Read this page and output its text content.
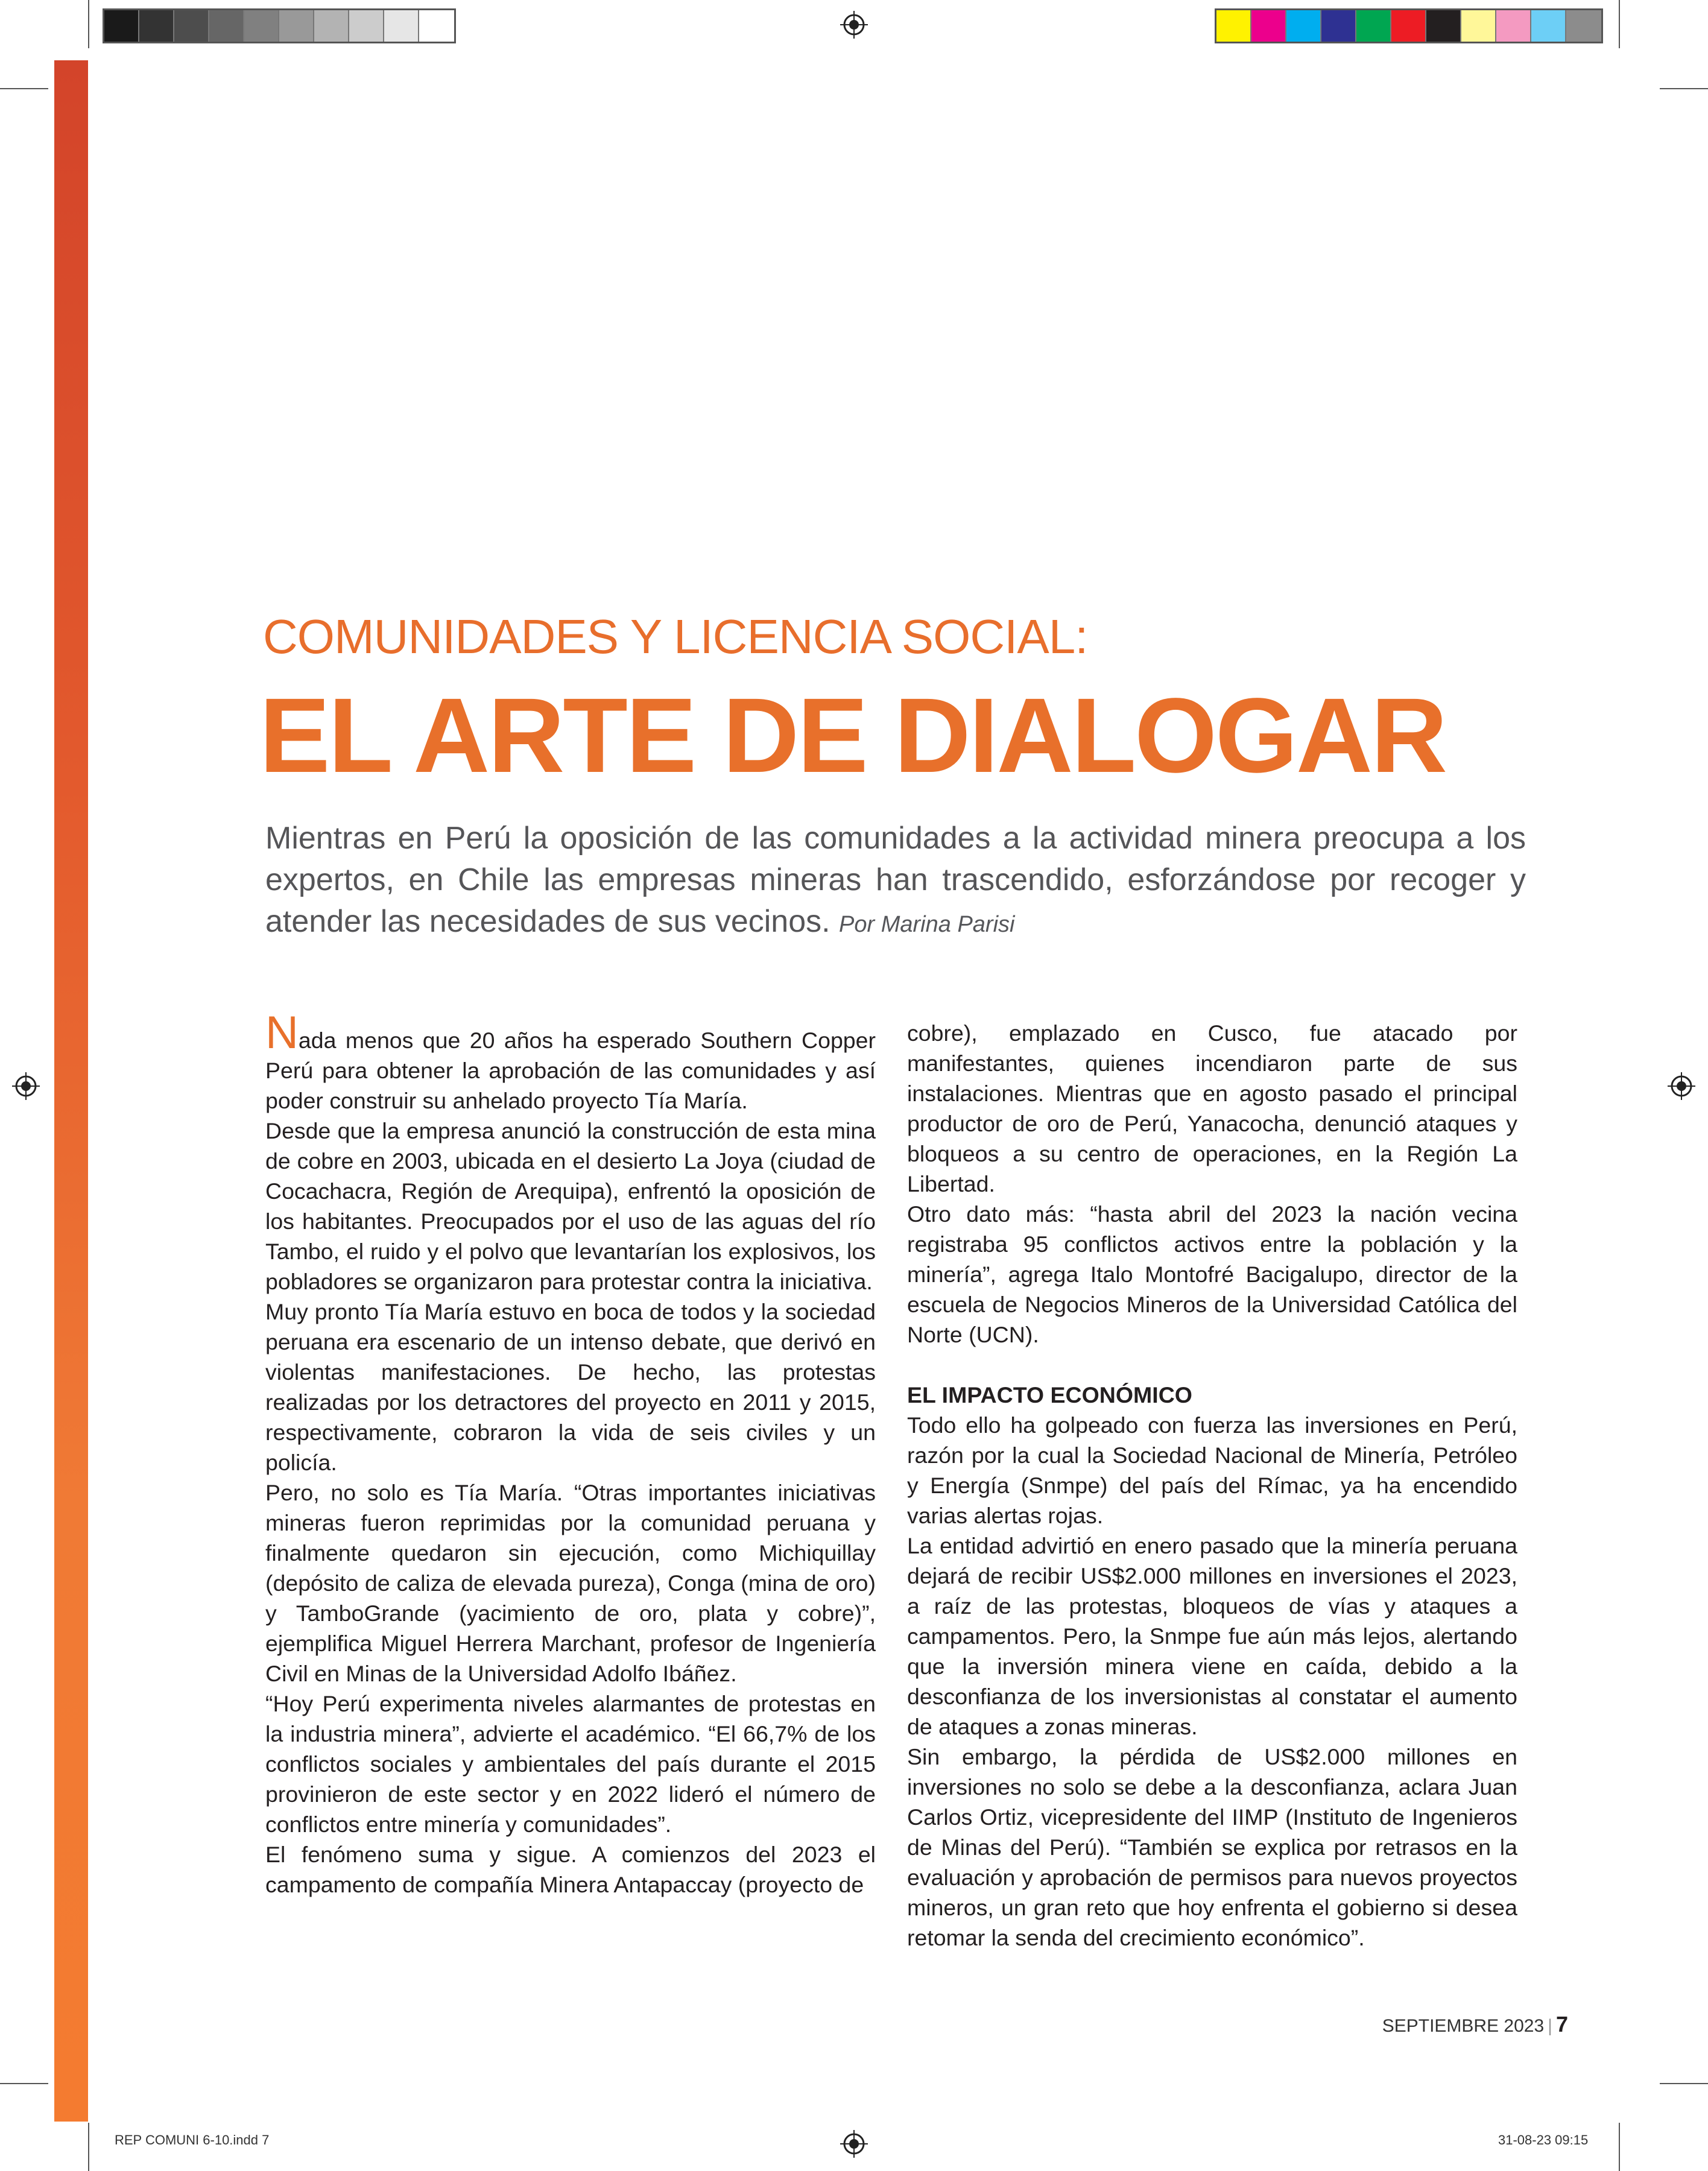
COMUNIDADES Y LICENCIA SOCIAL:
EL ARTE DE DIALOGAR
Mientras en Perú la oposición de las comunidades a la actividad minera preocupa a los expertos, en Chile las empresas mineras han trascendido, esforzándose por recoger y atender las necesidades de sus vecinos. Por Marina Parisi

Nada menos que 20 años ha esperado Southern Copper Perú para obtener la aprobación de las comunidades y así poder construir su anhelado proyecto Tía María.

Desde que la empresa anunció la construcción de esta mina de cobre en 2003, ubicada en el desierto La Joya (ciudad de Cocachacra, Región de Arequipa), enfrentó la oposición de los habitantes. Preocupados por el uso de las aguas del río Tambo, el ruido y el polvo que levantarían los explosivos, los pobladores se organizaron para protestar contra la iniciativa.

Muy pronto Tía María estuvo en boca de todos y la sociedad peruana era escenario de un intenso debate, que derivó en violentas manifestaciones. De hecho, las protestas realizadas por los detractores del proyecto en 2011 y 2015, respectivamente, cobraron la vida de seis civiles y un policía.

Pero, no solo es Tía María. “Otras importantes iniciativas mineras fueron reprimidas por la comunidad peruana y finalmente quedaron sin ejecución, como Michiquillay (depósito de caliza de elevada pureza), Conga (mina de oro) y TamboGrande (yacimiento de oro, plata y cobre)”, ejemplifica Miguel Herrera Marchant, profesor de Ingeniería Civil en Minas de la Universidad Adolfo Ibáñez.

“Hoy Perú experimenta niveles alarmantes de protestas en la industria minera”, advierte el académico. “El 66,7% de los conflictos sociales y ambientales del país durante el 2015 provinieron de este sector y en 2022 lideró el número de conflictos entre minería y comunidades”.

El fenómeno suma y sigue. A comienzos del 2023 el campamento de compañía Minera Antapaccay (proyecto de

cobre), emplazado en Cusco, fue atacado por manifestantes, quienes incendiaron parte de sus instalaciones. Mientras que en agosto pasado el principal productor de oro de Perú, Yanacocha, denunció ataques y bloqueos a su centro de operaciones, en la Región La Libertad.

Otro dato más: “hasta abril del 2023 la nación vecina registraba 95 conflictos activos entre la población y la minería”, agrega Italo Montofré Bacigalupo, director de la escuela de Negocios Mineros de la Universidad Católica del Norte (UCN).

EL IMPACTO ECONÓMICO

Todo ello ha golpeado con fuerza las inversiones en Perú, razón por la cual la Sociedad Nacional de Minería, Petróleo y Energía (Snmpe) del país del Rímac, ya ha encendido varias alertas rojas.

La entidad advirtió en enero pasado que la minería peruana dejará de recibir US$2.000 millones en inversiones el 2023, a raíz de las protestas, bloqueos de vías y ataques a campamentos. Pero, la Snmpe fue aún más lejos, alertando que la inversión minera viene en caída, debido a la desconfianza de los inversionistas al constatar el aumento de ataques a zonas mineras.

Sin embargo, la pérdida de US$2.000 millones en inversiones no solo se debe a la desconfianza, aclara Juan Carlos Ortiz, vicepresidente del IIMP (Instituto de Ingenieros de Minas del Perú). “También se explica por retrasos en la evaluación y aprobación de permisos para nuevos proyectos mineros, un gran reto que hoy enfrenta el gobierno si desea retomar la senda del crecimiento económico”.

SEPTIEMBRE 2023 | 7
REP COMUNI 6-10.indd 7	31-08-23 09:15
